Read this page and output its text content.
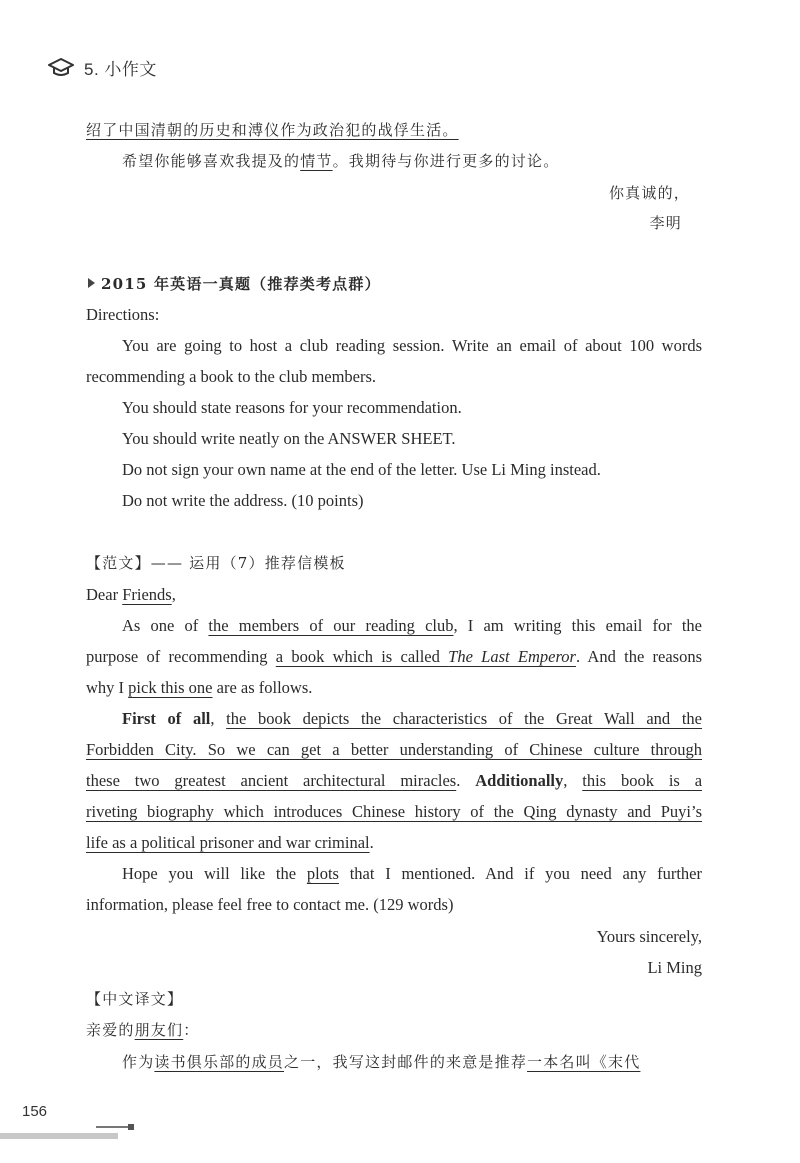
5. 小作文
绍了中国清朝的历史和溥仪作为政治犯的战俘生活。
希望你能够喜欢我提及的情节。我期待与你进行更多的讨论。
你真诚的，
李明
2015 年英语一真题（推荐类考点群）
Directions:
You are going to host a club reading session. Write an email of about 100 words
recommending a book to the club members.
You should state reasons for your recommendation.
You should write neatly on the ANSWER SHEET.
Do not sign your own name at the end of the letter. Use Li Ming instead.
Do not write the address. (10 points)
【范文】—— 运用（7）推荐信模板
Dear Friends,
As one of the members of our reading club, I am writing this email for the
purpose of recommending a book which is called The Last Emperor. And the reasons
why I pick this one are as follows.
First of all, the book depicts the characteristics of the Great Wall and the
Forbidden City. So we can get a better understanding of Chinese culture through
these two greatest ancient architectural miracles. Additionally, this book is a
riveting biography which introduces Chinese history of the Qing dynasty and Puyi’s
life as a political prisoner and war criminal.
Hope you will like the plots that I mentioned. And if you need any further
information, please feel free to contact me. (129 words)
Yours sincerely,
Li Ming
【中文译文】
亲爱的朋友们：
作为读书俱乐部的成员之一，我写这封邮件的来意是推荐一本名叫《末代
156
